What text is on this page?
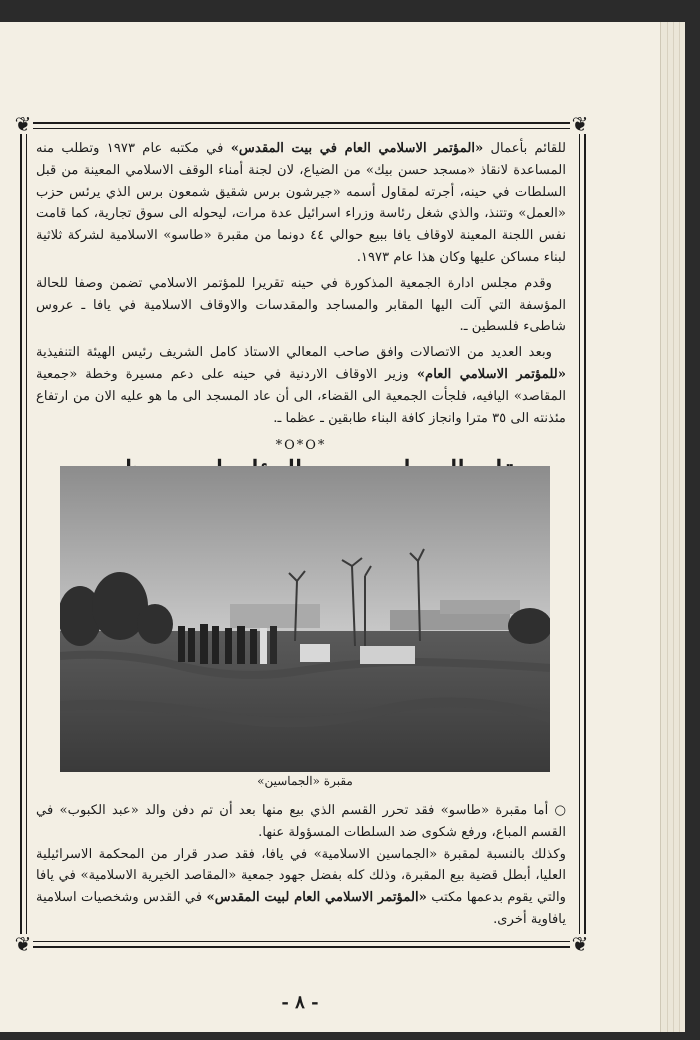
❦	❦
❦	❦

للقائم بأعمال «المؤتمر الاسلامي العام في بيت المقدس» في مكتبه عام ١٩٧٣ وتطلب منه المساعدة لانقاذ «مسجد حسن بيك» من الضياع، لان لجنة أمناء الوقف الاسلامي المعينة من قبل السلطات في حينه، أجرته لمقاول أسمه «جيرشون برس شقيق شمعون برس الذي يرئس حزب «العمل» وتتنذ، والذي شغل رئاسة وزراء اسرائيل عدة مرات، ليحوله الى سوق تجارية، كما قامت نفس اللجنة المعينة لاوقاف يافا ببيع حوالي ٤٤ دونما من مقبرة «طاسو» الاسلامية لشركة ثلاثية لبناء مساكن عليها وكان هذا عام ١٩٧٣.

وقدم مجلس ادارة الجمعية المذكورة في حينه تقريرا للمؤتمر الاسلامي تضمن وصفا للحالة المؤسفة التي آلت اليها المقابر والمساجد والمقدسات والاوقاف الاسلامية في يافا ـ عروس شاطىء فلسطين ـ.

وبعد العديد من الاتصالات وافق صاحب المعالي الاستاذ كامل الشريف رئيس الهيئة التنفيذية «للمؤتمر الاسلامي العام» وزير الاوقاف الاردنية في حينه على دعم مسيرة وخطة «جمعية المقاصد» اليافيه، فلجأت الجمعية الى القضاء، الى أن عاد المسجد الى ما هو عليه الان من ارتفاع مئذنته الى ٣٥ مترا وانجاز كافة البناء طابقين ـ عظما ـ.

*O*O*
مقبرة «الجماسين»

○ أما مقبرة «طاسو» فقد تحرر القسم الذي بيع منها بعد أن تم دفن والد «عبد الكبوب» في القسم المباع، ورفع شكوى ضد السلطات المسؤولة عنها.

وكذلك بالنسبة لمقبرة «الجماسين الاسلامية» في يافا، فقد صدر قرار من المحكمة الاسرائيلية العليا، أبطل قضية بيع المقبرة، وذلك كله بفضل جهود جمعية «المقاصد الخيرية الاسلامية» في يافا والتي يقوم بدعمها مكتب «المؤتمر الاسلامي العام لبيت المقدس» في القدس وشخصيات اسلامية يافاوية أخرى.

- ٨ -
